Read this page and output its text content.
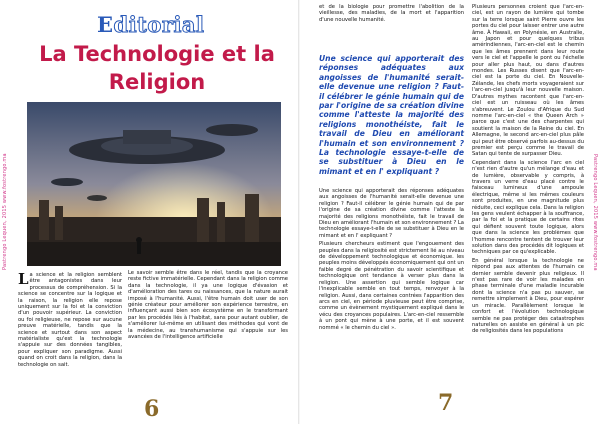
Pastrengo Lequen, 2015 www.fostrengo.ma
Editorial
La Technologie et la Religion
La science et la religion semblent être antagonistes dans leur processus de compréhension. Si la science se concentre sur la logique et la raison, la religion elle repose uniquement sur la foi et la conviction d'un pouvoir supérieur. La conviction ou foi religieuse, ne repose sur aucune preuve matérielle, tandis que la science et surtout dans son aspect matérialiste qu'est la technologie s'appuie sur des données tangibles, pour expliquer son paradigme. Aussi quand on croit dans la religion, dans la technologie on sait.

Le savoir semble être dans le réel, tandis que la croyance reste fictive immatérielle. Cependant dans la religion comme dans la technologie, il ya une logique d'évasion et d'amélioration des tares ou naissances, que la nature aurait imposé à l'humanité. Aussi, l'être humain doit user de son génie créateur pour améliorer son expérience terrestre, en influençant aussi bien son écosystème en le transformant par les procédés liés à l'habitat, sans pour autant oublier, de s'améliorer lui-même en utilisant des méthodes qui vont de la médecine, au transhumanisme qui s'appuie sur les avancées de l'intelligence artificielle

6

et de la biologie pour promettre l'abolition de la vieillesse, des maladies, de la mort et l'apparition d'une nouvelle humanité.

Une science qui apporterait des réponses adéquates aux angoisses de l'humanité serait-elle devenue une religion ? Faut-il célébrer le génie humain qui de par l'origine de sa création divine comme l'atteste la majorité des religions monothéiste, fait le travail de Dieu en améliorant l'humain et son environnement ? La technologie essaye-t-elle de se substituer à Dieu en le mimant et en l' expliquant ?

Une science qui apporterait des réponses adéquates aux angoisses de l'humanité serait-elle devenue une religion ? Faut-il célébrer le génie humain qui de par l'origine de sa création divine comme l'atteste la majorité des religions monothéiste, fait le travail de Dieu en améliorant l'humain et son environnement ? La technologie essaye-t-elle de se substituer à Dieu en le mimant et en l' expliquant ?

Plusieurs chercheurs estiment que l'engouement des peuples dans la religiosité est strictement lié au niveau de développement technologique et économique. les peuples moins développés économiquement qui ont un faible degré de pénétration du savoir scientifique et technologique ont tendance à verser plus dans la religion. Une assertion qui semble logique car l'inexplicable semble en tout temps, renvoyer à la religion. Aussi, dans certaines contrées l'apparition des arcs en ciel, en période pluvieuse peut être comprise, comme un évènement mystiquement expliqué dans le vécu des croyances populaires. L'arc-en-ciel ressemble à un pont qui mène à une porte, et il est souvent nommé « le chemin du ciel ».

Plusieurs personnes croient que l'arc-en-ciel, est un rayon de lumière qui tombe sur la terre lorsque saint Pierre ouvre les portes du ciel pour laisser entrer une autre âme. À Hawaii, en Polynésie, en Australie, au Japon et pour quelques tribus amérindiennes, l'arc-en-ciel est le chemin que les âmes prennent dans leur route vers le ciel et l'appelle le pont ou l'échelle pour aller plus haut, ou dans d'autres mondes. Les Russes disent que l'arc-en-ciel est la porte du ciel. En Nouvelle-Zélande, les chefs morts voyageraient sur l'arc-en-ciel jusqu'à leur nouvelle maison. D'autres mythes racontent que l'arc-en-ciel est un ruisseau où les âmes s'abreuvent. Le Zoulou d'Afrique du Sud nomme l'arc-en-ciel « the Queen Arch » parce que c'est une des charpentes qui soutient la maison de la Reine du ciel. En Allemagne, le second arc-en-ciel plus pâle qui peut être observé parfois au-dessus du premier est perçu comme le travail de Satan qui tente de surpasser Dieu.

Cependant dans la science l'arc en ciel n'est rien d'autre qu'un mélange d'eau et de lumière, observable y compris, à travers un verre d'eau placé contre le faisceau lumineux d'une ampoule électrique, même si les mêmes couleurs sont produites, en une magnitude plus réduite, ceci explique cela. Dans la religion les gens veulent échapper à la souffrance, par la foi et la pratique de certains rites qui défient souvent toute logique, alors que dans la science les problèmes que l'homme rencontre tentent de trouver leur solution dans des procédés dit logiques et techniques par ce qu'explicable.

En général lorsque la technologie ne répond pas aux attentes de l'humain ce dernier semble devenir plus religieux. Il n'est pas rare de voir les malades en phase terminale d'une maladie incurable dont la science n'a pas pu sauver, se remettre simplement à Dieu, pour espérer un miracle. Parallèlement lorsque le confort et l'évolution technologique semble ne pas protéger des catastrophes naturelles on assiste en général à un pic de religiosités dans les populations

7
Pastrengo Lequen, 2015 www.fostrengo.ma
